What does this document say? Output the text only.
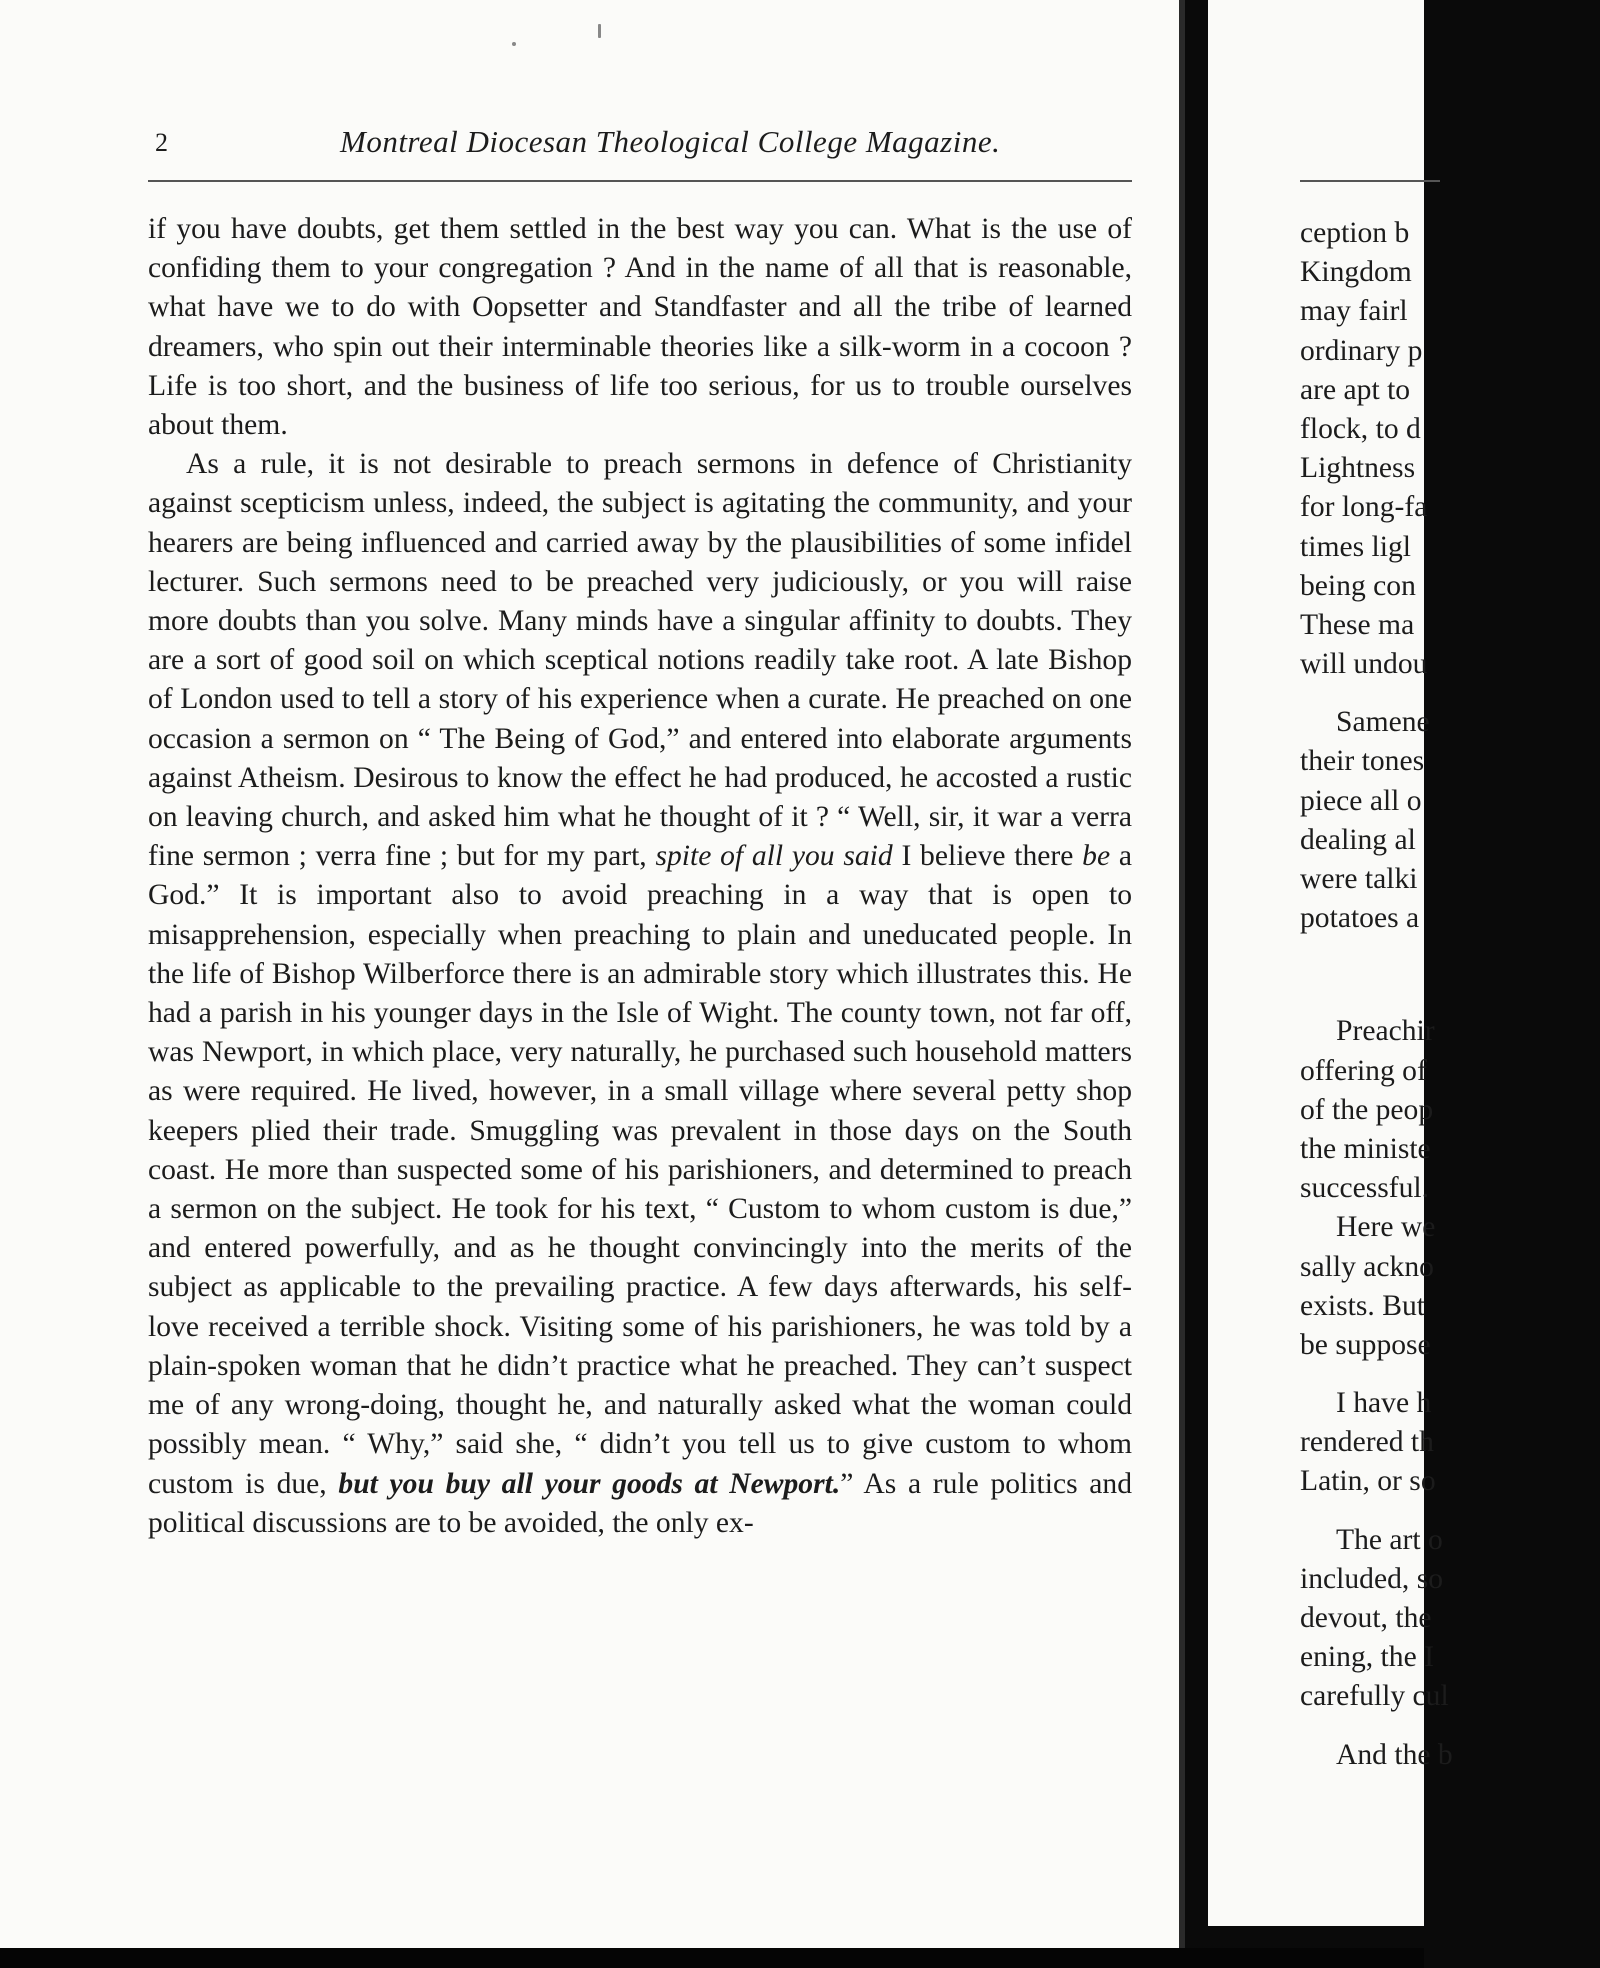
2	Montreal Diocesan Theological College Magazine.

if you have doubts, get them settled in the best way you can. What is the use of confiding them to your congregation ? And in the name of all that is reasonable, what have we to do with Oopsetter and Standfaster and all the tribe of learned dreamers, who spin out their interminable theories like a silk-worm in a cocoon ? Life is too short, and the business of life too serious, for us to trouble ourselves about them.

As a rule, it is not desirable to preach sermons in defence of Christianity against scepticism unless, indeed, the subject is agitating the community, and your hearers are being influenced and carried away by the plausibilities of some infidel lecturer. Such sermons need to be preached very judiciously, or you will raise more doubts than you solve. Many minds have a singular affinity to doubts. They are a sort of good soil on which sceptical notions readily take root. A late Bishop of London used to tell a story of his experience when a curate. He preached on one occasion a sermon on “ The Being of God,” and entered into elaborate arguments against Atheism. Desirous to know the effect he had produced, he accosted a rustic on leaving church, and asked him what he thought of it ? “ Well, sir, it war a verra fine sermon ; verra fine ; but for my part, spite of all you said I believe there be a God.” It is important also to avoid preaching in a way that is open to misapprehension, especially when preaching to plain and uneducated people. In the life of Bishop Wilberforce there is an admirable story which illustrates this. He had a parish in his younger days in the Isle of Wight. The county town, not far off, was Newport, in which place, very naturally, he purchased such household matters as were required. He lived, however, in a small village where several petty shop keepers plied their trade. Smuggling was prevalent in those days on the South coast. He more than suspected some of his parishioners, and determined to preach a sermon on the subject. He took for his text, “ Custom to whom custom is due,” and entered powerfully, and as he thought convincingly into the merits of the subject as applicable to the prevailing practice. A few days afterwards, his self-love received a terrible shock. Visiting some of his parishioners, he was told by a plain-spoken woman that he didn’t practice what he preached. They can’t suspect me of any wrong-doing, thought he, and naturally asked what the woman could possibly mean. “ Why,” said she, “ didn’t you tell us to give custom to whom custom is due, but you buy all your goods at Newport.” As a rule politics and political discussions are to be avoided, the only ex-

ception b
Kingdom
may fairl
ordinary p
are apt to
flock, to d
Lightness
for long-fa
times ligl
being con
These ma
will undou
Samene
their tones
piece all o
dealing al
were talki
potatoes a
Preachir
offering of
of the peop
the ministe
successful.
Here we
sally ackno
exists. But
be suppose
I have h
rendered th
Latin, or so
The art o
included, so
devout, the
ening, the I
carefully cul
And the b
